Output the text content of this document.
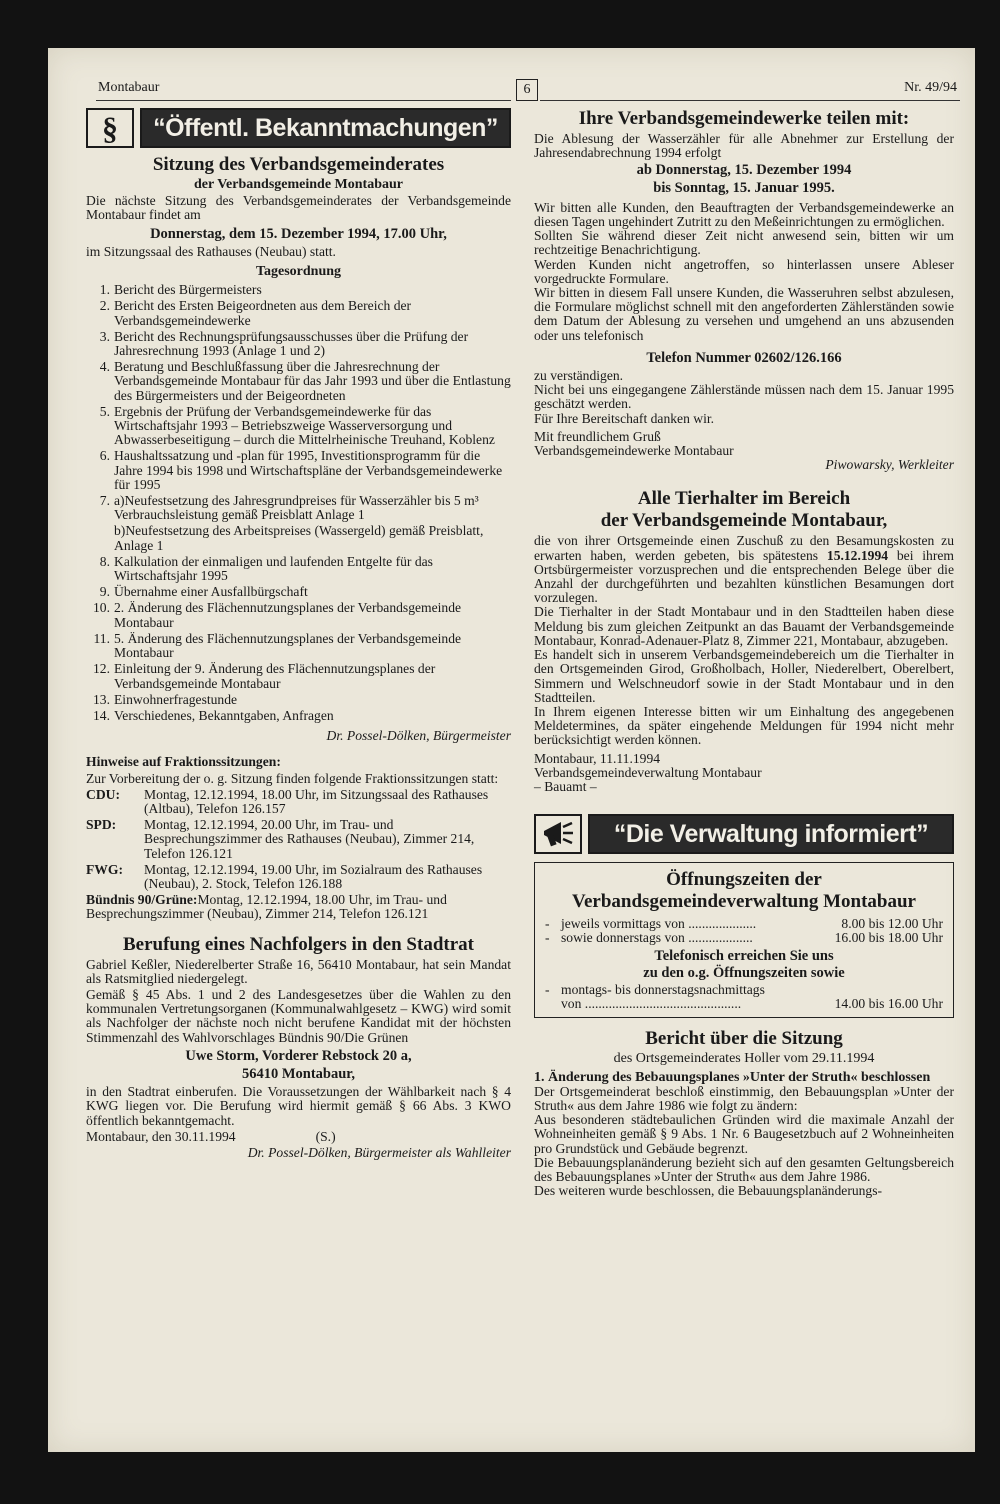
Montabaur	6	Nr. 49/94
§	“Öffentl. Bekanntmachungen”
Sitzung des Verbandsgemeinderates
der Verbandsgemeinde Montabaur

Die nächste Sitzung des Verbandsgemeinderates der Verbandsgemeinde Montabaur findet am

Donnerstag, dem 15. Dezember 1994, 17.00 Uhr,

im Sitzungssaal des Rathauses (Neubau) statt.

Tagesordnung
1. Bericht des Bürgermeisters
2. Bericht des Ersten Beigeordneten aus dem Bereich der Verbandsgemeindewerke
3. Bericht des Rechnungsprüfungsausschusses über die Prüfung der Jahresrechnung 1993 (Anlage 1 und 2)
4. Beratung und Beschlußfassung über die Jahresrechnung der Verbandsgemeinde Montabaur für das Jahr 1993 und über die Entlastung des Bürgermeisters und der Beigeordneten
5. Ergebnis der Prüfung der Verbandsgemeindewerke für das Wirtschaftsjahr 1993 – Betriebszweige Wasserversorgung und Abwasserbeseitigung – durch die Mittelrheinische Treuhand, Koblenz
6. Haushaltssatzung und -plan für 1995, Investitionsprogramm für die Jahre 1994 bis 1998 und Wirtschaftspläne der Verbandsgemeindewerke für 1995
7. a)Neufestsetzung des Jahresgrundpreises für Wasserzähler bis 5 m³ Verbrauchsleistung gemäß Preisblatt Anlage 1
b)Neufestsetzung des Arbeitspreises (Wassergeld) gemäß Preisblatt, Anlage 1
8. Kalkulation der einmaligen und laufenden Entgelte für das Wirtschaftsjahr 1995
9. Übernahme einer Ausfallbürgschaft
10. 2. Änderung des Flächennutzungsplanes der Verbandsgemeinde Montabaur
11. 5. Änderung des Flächennutzungsplanes der Verbandsgemeinde Montabaur
12. Einleitung der 9. Änderung des Flächennutzungsplanes der Verbandsgemeinde Montabaur
13. Einwohnerfragestunde
14. Verschiedenes, Bekanntgaben, Anfragen

Dr. Possel-Dölken, Bürgermeister

Hinweise auf Fraktionssitzungen:

Zur Vorbereitung der o. g. Sitzung finden folgende Fraktionssitzungen statt:

CDU:	Montag, 12.12.1994, 18.00 Uhr, im Sitzungssaal des Rathauses (Altbau), Telefon 126.157
SPD:	Montag, 12.12.1994, 20.00 Uhr, im Trau- und Besprechungszimmer des Rathauses (Neubau), Zimmer 214, Telefon 126.121
FWG:	Montag, 12.12.1994, 19.00 Uhr, im Sozialraum des Rathauses (Neubau), 2. Stock, Telefon 126.188
Bündnis 90/Grüne:Montag, 12.12.1994, 18.00 Uhr, im Trau- und Besprechungszimmer (Neubau), Zimmer 214, Telefon 126.121
Berufung eines Nachfolgers in den Stadtrat

Gabriel Keßler, Niederelberter Straße 16, 56410 Montabaur, hat sein Mandat als Ratsmitglied niedergelegt.

Gemäß § 45 Abs. 1 und 2 des Landesgesetzes über die Wahlen zu den kommunalen Vertretungsorganen (Kommunalwahlgesetz – KWG) wird somit als Nachfolger der nächste noch nicht berufene Kandidat mit der höchsten Stimmenzahl des Wahlvorschlages Bündnis 90/Die Grünen

Uwe Storm, Vorderer Rebstock 20 a,

56410 Montabaur,

in den Stadtrat einberufen. Die Voraussetzungen der Wählbarkeit nach § 4 KWG liegen vor. Die Berufung wird hiermit gemäß § 66 Abs. 3 KWO öffentlich bekanntgemacht.

Montabaur, den 30.11.1994	(S.)

Dr. Possel-Dölken, Bürgermeister als Wahlleiter

Ihre Verbandsgemeindewerke teilen mit:

Die Ablesung der Wasserzähler für alle Abnehmer zur Erstellung der Jahresendabrechnung 1994 erfolgt

ab Donnerstag, 15. Dezember 1994

bis Sonntag, 15. Januar 1995.

Wir bitten alle Kunden, den Beauftragten der Verbandsgemeindewerke an diesen Tagen ungehindert Zutritt zu den Meßeinrichtungen zu ermöglichen.

Sollten Sie während dieser Zeit nicht anwesend sein, bitten wir um rechtzeitige Benachrichtigung.

Werden Kunden nicht angetroffen, so hinterlassen unsere Ableser vorgedruckte Formulare.

Wir bitten in diesem Fall unsere Kunden, die Wasseruhren selbst abzulesen, die Formulare möglichst schnell mit den angeforderten Zählerständen sowie dem Datum der Ablesung zu versehen und umgehend an uns abzusenden oder uns telefonisch

Telefon Nummer 02602/126.166

zu verständigen.

Nicht bei uns eingegangene Zählerstände müssen nach dem 15. Januar 1995 geschätzt werden.

Für Ihre Bereitschaft danken wir.

Mit freundlichem Gruß

Verbandsgemeindewerke Montabaur

Piwowarsky, Werkleiter

Alle Tierhalter im Bereich
der Verbandsgemeinde Montabaur,

die von ihrer Ortsgemeinde einen Zuschuß zu den Besamungskosten zu erwarten haben, werden gebeten, bis spätestens 15.12.1994 bei ihrem Ortsbürgermeister vorzusprechen und die entsprechenden Belege über die Anzahl der durchgeführten und bezahlten künstlichen Besamungen dort vorzulegen.

Die Tierhalter in der Stadt Montabaur und in den Stadtteilen haben diese Meldung bis zum gleichen Zeitpunkt an das Bauamt der Verbandsgemeinde Montabaur, Konrad-Adenauer-Platz 8, Zimmer 221, Montabaur, abzugeben.

Es handelt sich in unserem Verbandsgemeindebereich um die Tierhalter in den Ortsgemeinden Girod, Großholbach, Holler, Niederelbert, Oberelbert, Simmern und Welschneudorf sowie in der Stadt Montabaur und in den Stadtteilen.

In Ihrem eigenen Interesse bitten wir um Einhaltung des angegebenen Meldetermines, da später eingehende Meldungen für 1994 nicht mehr berücksichtigt werden können.

Montabaur, 11.11.1994

Verbandsgemeindeverwaltung Montabaur

– Bauamt –

“Die Verwaltung informiert”
Öffnungszeiten der
Verbandsgemeindeverwaltung Montabaur
- jeweils vormittags von ....................	8.00 bis 12.00 Uhr
- sowie donnerstags von ...................	16.00 bis 18.00 Uhr

Telefonisch erreichen Sie uns

zu den o.g. Öffnungszeiten sowie

- montags- bis donnerstagsnachmittags
von ..............................................	14.00 bis 16.00 Uhr
Bericht über die Sitzung
des Ortsgemeinderates Holler vom 29.11.1994

1. Änderung des Bebauungsplanes »Unter der Struth« beschlossen

Der Ortsgemeinderat beschloß einstimmig, den Bebauungsplan »Unter der Struth« aus dem Jahre 1986 wie folgt zu ändern:

Aus besonderen städtebaulichen Gründen wird die maximale Anzahl der Wohneinheiten gemäß § 9 Abs. 1 Nr. 6 Baugesetzbuch auf 2 Wohneinheiten pro Grundstück und Gebäude begrenzt.

Die Bebauungsplanänderung bezieht sich auf den gesamten Geltungsbereich des Bebauungsplanes »Unter der Struth« aus dem Jahre 1986.

Des weiteren wurde beschlossen, die Bebauungsplanänderungs-
